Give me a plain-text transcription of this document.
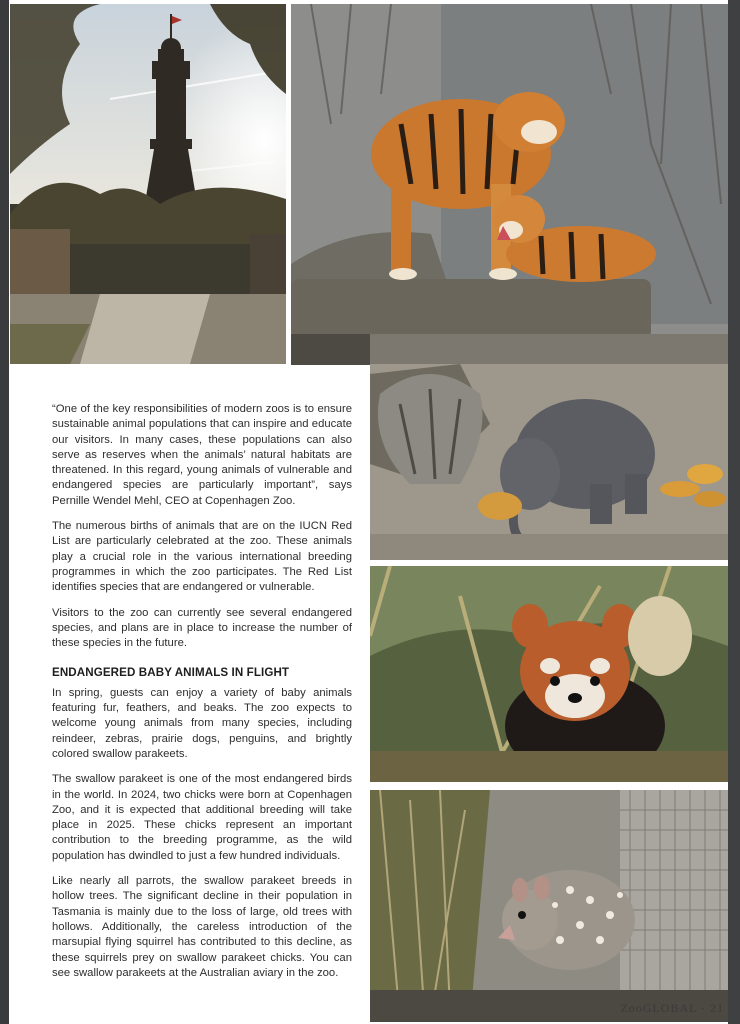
“One of the key responsibilities of modern zoos is to ensure sustainable animal populations that can inspire and educate our visitors. In many cases, these populations can also serve as reserves when the animals’ natural habitats are threatened. In this regard, young animals of vulnerable and endangered species are particularly important”, says Pernille Wendel Mehl, CEO at Copenhagen Zoo.

The numerous births of animals that are on the IUCN Red List are particularly celebrated at the zoo. These animals play a crucial role in the various international breeding programmes in which the zoo participates. The Red List identifies species that are endangered or vulnerable.

Visitors to the zoo can currently see several endangered species, and plans are in place to increase the number of these species in the future.

ENDANGERED BABY ANIMALS IN FLIGHT

In spring, guests can enjoy a variety of baby animals featuring fur, feathers, and beaks. The zoo expects to welcome young animals from many species, including reindeer, zebras, prairie dogs, penguins, and brightly colored swallow parakeets.

The swallow parakeet is one of the most endangered birds in the world. In 2024, two chicks were born at Copenhagen Zoo, and it is expected that additional breeding will take place in 2025. These chicks represent an important contribution to the breeding programme, as the wild population has dwindled to just a few hundred individuals.

Like nearly all parrots, the swallow parakeet breeds in hollow trees. The significant decline in their population in Tasmania is mainly due to the loss of large, old trees with hollows. Additionally, the careless introduction of the marsupial flying squirrel has contributed to this decline, as these squirrels prey on swallow parakeet chicks. You can see swallow parakeets at the Australian aviary in the zoo.

ZooGLOBAL · 21
